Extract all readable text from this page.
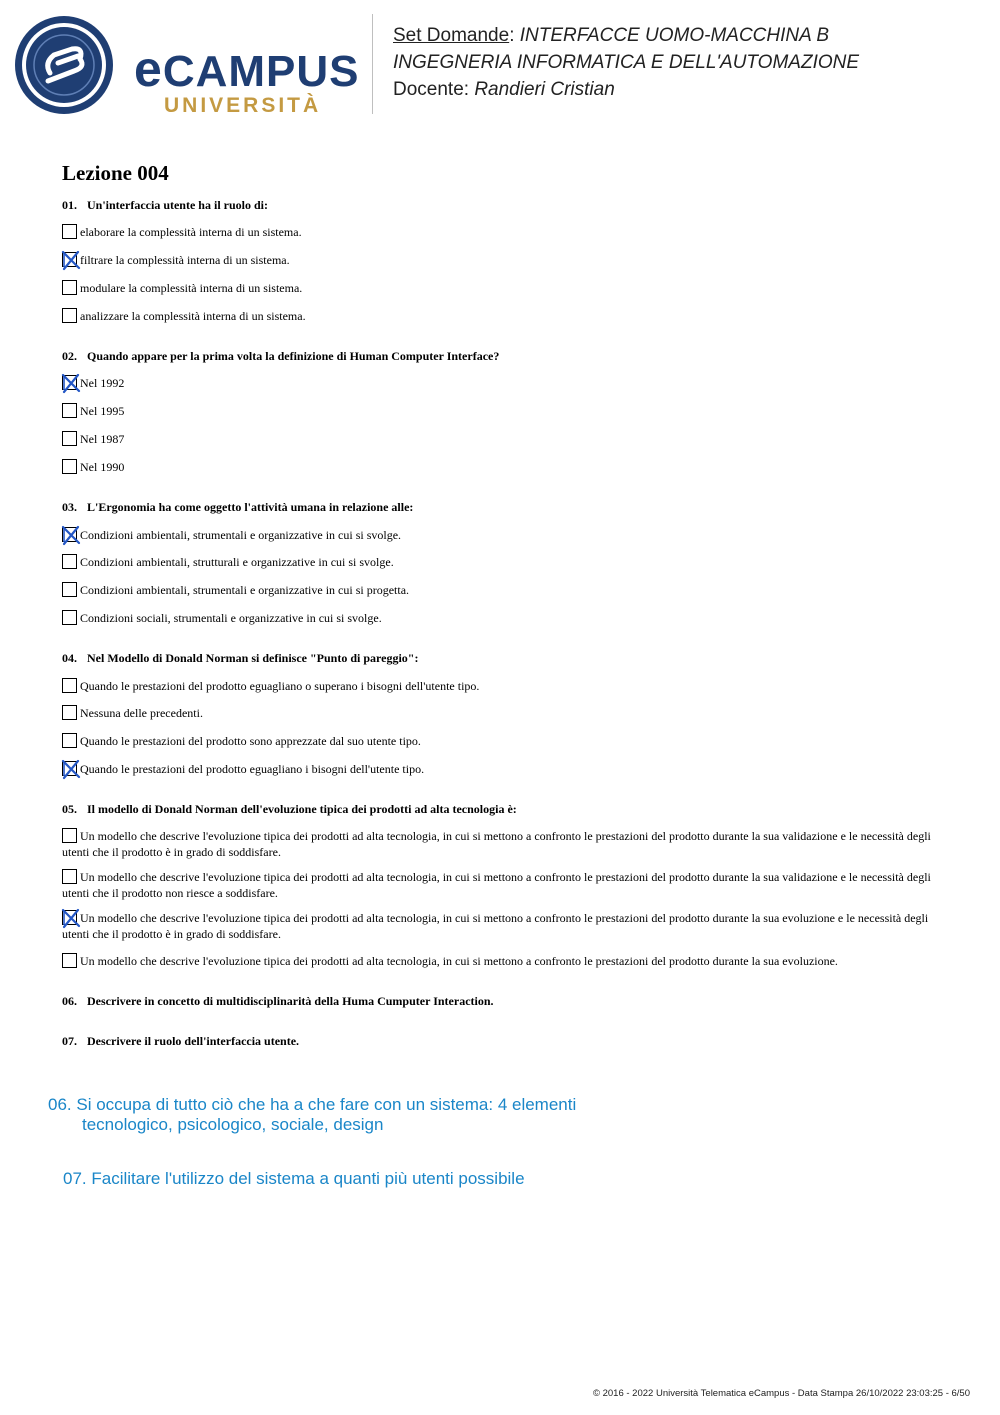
eCAMPUS
UNIVERSITÀ
Set Domande: INTERFACCE UOMO-MACCHINA B
INGEGNERIA INFORMATICA E DELL'AUTOMAZIONE
Docente: Randieri Cristian
Lezione 004
01. Un'interfaccia utente ha il ruolo di:
elaborare la complessità interna di un sistema.
filtrare la complessità interna di un sistema.
modulare la complessità interna di un sistema.
analizzare la complessità interna di un sistema.
02. Quando appare per la prima volta la definizione di Human Computer Interface?
Nel 1992
Nel 1995
Nel 1987
Nel 1990
03. L'Ergonomia ha come oggetto l'attività umana in relazione alle:
Condizioni ambientali, strumentali e organizzative in cui si svolge.
Condizioni ambientali, strutturali e organizzative in cui si svolge.
Condizioni ambientali, strumentali e organizzative in cui si progetta.
Condizioni sociali, strumentali e organizzative in cui si svolge.
04. Nel Modello di Donald Norman si definisce "Punto di pareggio":
Quando le prestazioni del prodotto eguagliano o superano i bisogni dell'utente tipo.
Nessuna delle precedenti.
Quando le prestazioni del prodotto sono apprezzate dal suo utente tipo.
Quando le prestazioni del prodotto eguagliano i bisogni dell'utente tipo.
05. Il modello di Donald Norman dell'evoluzione tipica dei prodotti ad alta tecnologia è:
Un modello che descrive l'evoluzione tipica dei prodotti ad alta tecnologia, in cui si mettono a confronto le prestazioni del prodotto durante la sua validazione e le necessità degli utenti che il prodotto è in grado di soddisfare.
Un modello che descrive l'evoluzione tipica dei prodotti ad alta tecnologia, in cui si mettono a confronto le prestazioni del prodotto durante la sua validazione e le necessità degli utenti che il prodotto non riesce a soddisfare.
Un modello che descrive l'evoluzione tipica dei prodotti ad alta tecnologia, in cui si mettono a confronto le prestazioni del prodotto durante la sua evoluzione e le necessità degli utenti che il prodotto è in grado di soddisfare.
Un modello che descrive l'evoluzione tipica dei prodotti ad alta tecnologia, in cui si mettono a confronto le prestazioni del prodotto durante la sua evoluzione.
06. Descrivere in concetto di multidisciplinarità della Huma Cumputer Interaction.
07. Descrivere il ruolo dell'interfaccia utente.
06. Si occupa di tutto ciò che ha a che fare con un sistema: 4 elementi
tecnologico, psicologico, sociale, design
07. Facilitare l'utilizzo del sistema a quanti più utenti possibile
© 2016 - 2022 Università Telematica eCampus - Data Stampa 26/10/2022 23:03:25 - 6/50
